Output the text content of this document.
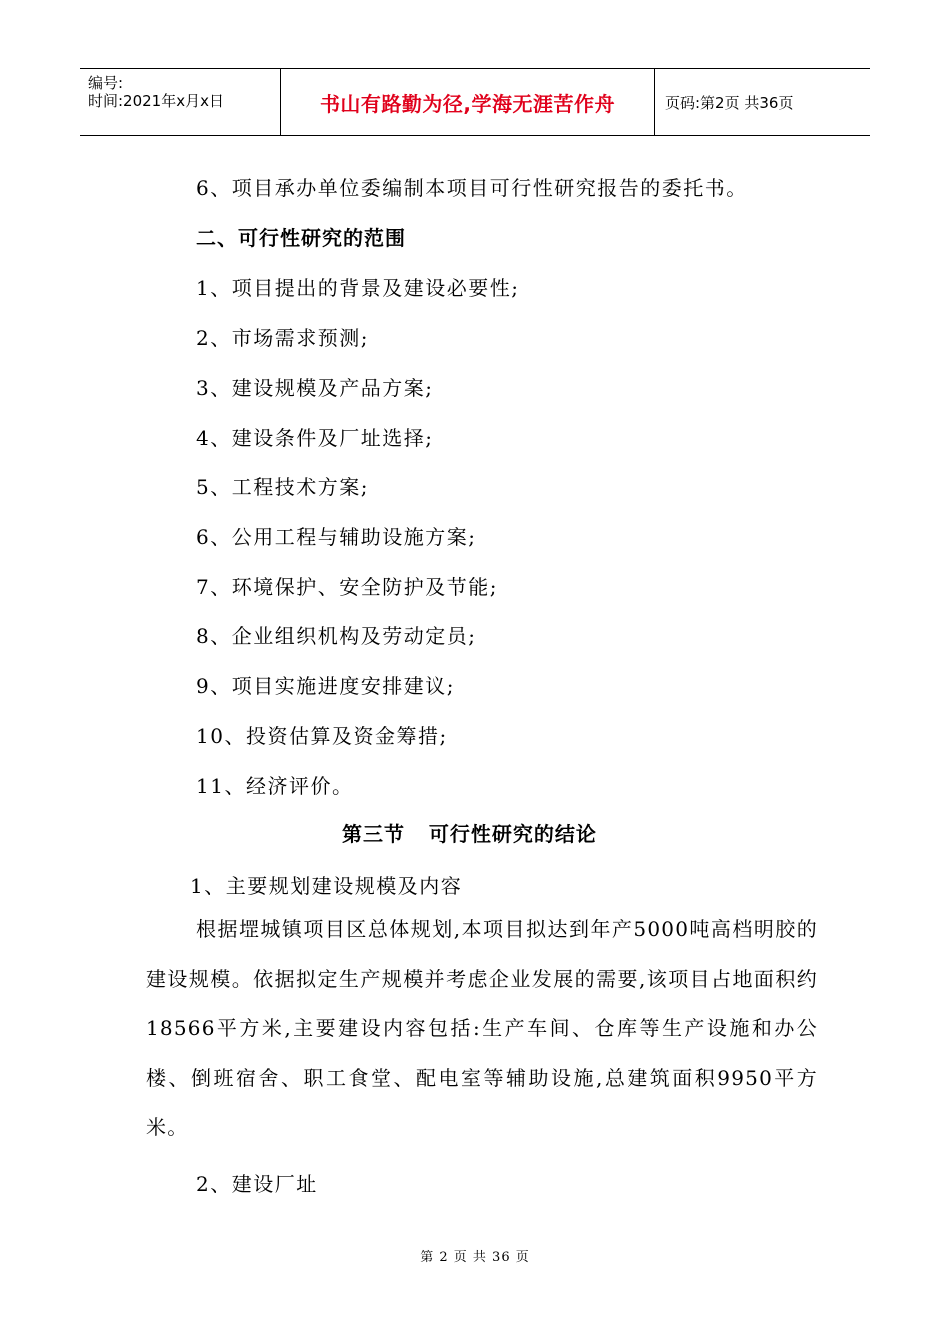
编号:
时间:2021年x月x日	书山有路勤为径,学海无涯苦作舟	页码:第2页 共36页
6、项目承办单位委编制本项目可行性研究报告的委托书。
二、可行性研究的范围
1、项目提出的背景及建设必要性;
2、市场需求预测;
3、建设规模及产品方案;
4、建设条件及厂址选择;
5、工程技术方案;
6、公用工程与辅助设施方案;
7、环境保护、安全防护及节能;
8、企业组织机构及劳动定员;
9、项目实施进度安排建议;
10、投资估算及资金筹措;
11、经济评价。
第三节   可行性研究的结论
1、主要规划建设规模及内容
根据堽城镇项目区总体规划,本项目拟达到年产5000吨高档明胶的建设规模。依据拟定生产规模并考虑企业发展的需要,该项目占地面积约18566平方米,主要建设内容包括:生产车间、仓库等生产设施和办公楼、倒班宿舍、职工食堂、配电室等辅助设施,总建筑面积9950平方米。
2、建设厂址
第 2 页 共 36 页
